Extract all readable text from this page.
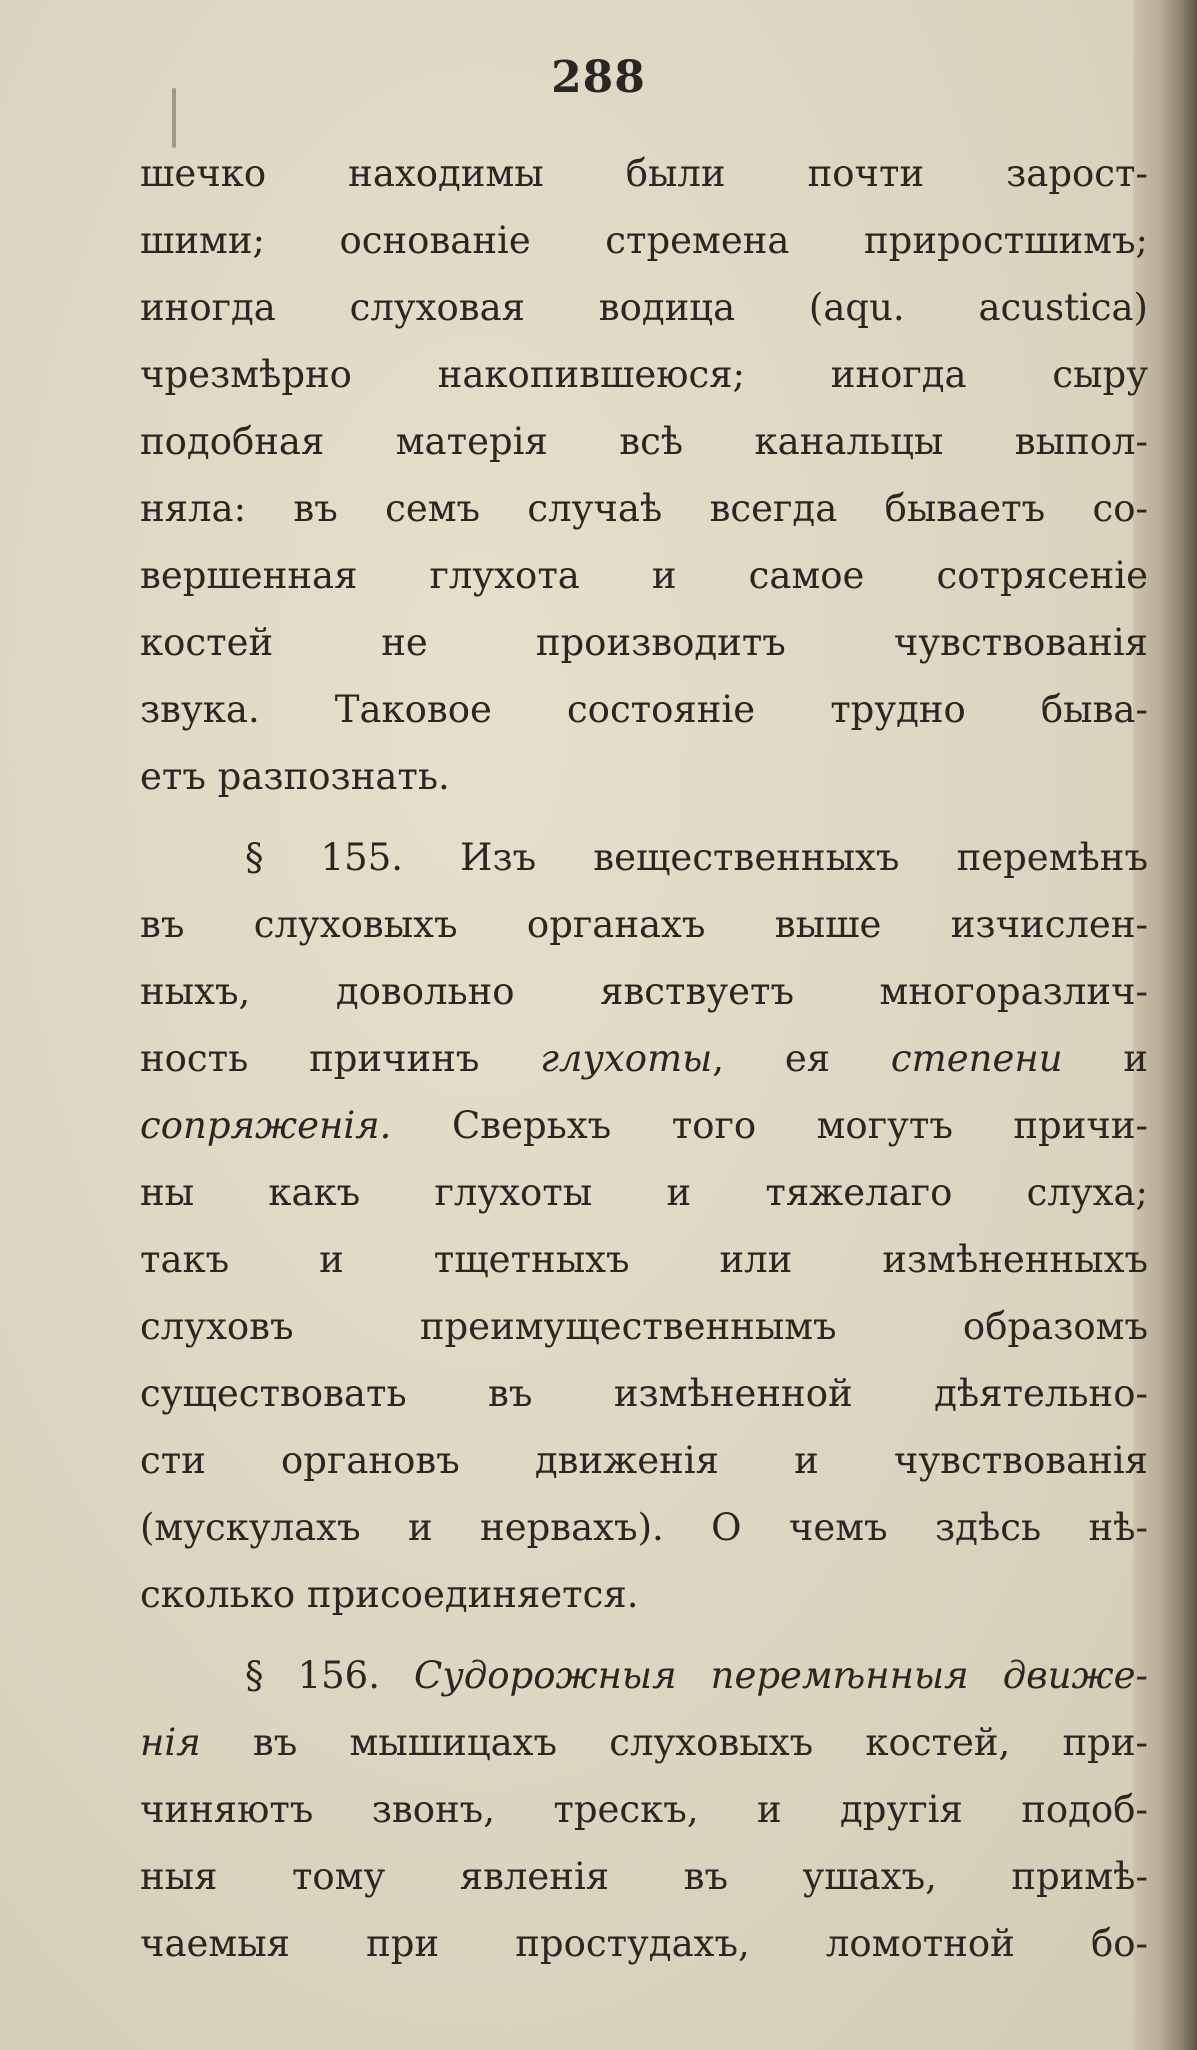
288
шечко находимы были почти зарост-
шими; основаніе стремена приростшимъ;
иногда слуховая водица (aqu. acustica)
чрезмѣрно накопившеюся; иногда сыру
подобная матерія всѣ канальцы выпол-
няла: въ семъ случаѣ всегда бываетъ со-
вершенная глухота и самое сотрясеніе
костей не производитъ чувствованія
звука. Таковое состояніе трудно быва-
етъ разпознать.
§ 155. Изъ вещественныхъ перемѣнъ
въ слуховыхъ органахъ выше изчислен-
ныхъ, довольно явствуетъ многоразлич-
ность причинъ глухоты, ея степени и
сопряженія. Сверьхъ того могутъ причи-
ны какъ глухоты и тяжелаго слуха;
такъ и тщетныхъ или измѣненныхъ
слуховъ преимущественнымъ образомъ
существовать въ измѣненной дѣятельно-
сти органовъ движенія и чувствованія
(мускулахъ и нервахъ). О чемъ здѣсь нѣ-
сколько присоединяется.
§ 156. Судорожныя перемѣнныя движе-
нія въ мышицахъ слуховыхъ костей, при-
чиняютъ звонъ, трескъ, и другія подоб-
ныя тому явленія въ ушахъ, примѣ-
чаемыя при простудахъ, ломотной бо-
